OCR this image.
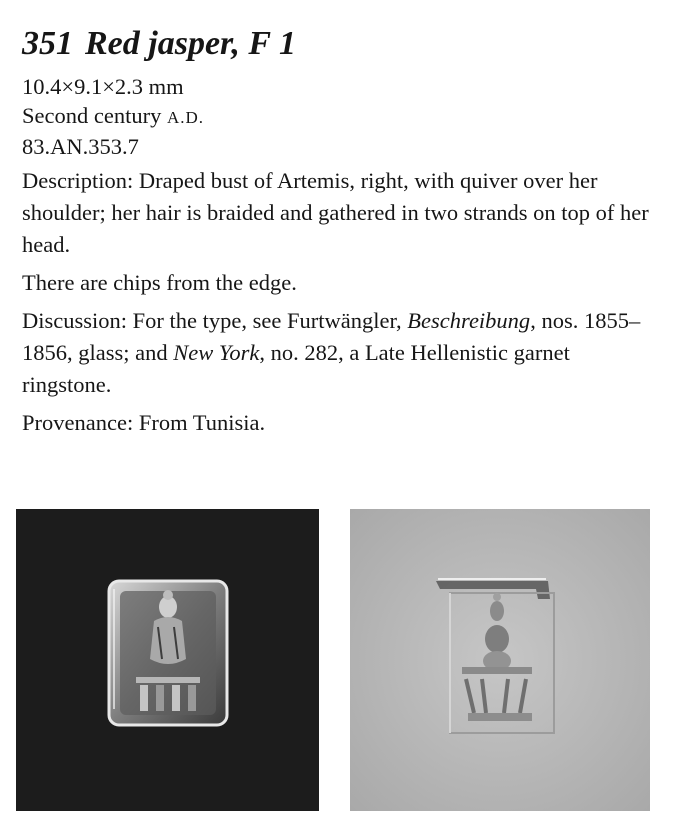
351 Red jasper, F 1

10.4×9.1×2.3 mm

Second century A.D.

83.AN.353.7

Description: Draped bust of Artemis, right, with quiver over her shoulder; her hair is braided and gathered in two strands on top of her head.

There are chips from the edge.

Discussion: For the type, see Furtwängler, Beschreibung, nos. 1855–1856, glass; and New York, no. 282, a Late Hellenistic garnet ringstone.

Provenance: From Tunisia.
